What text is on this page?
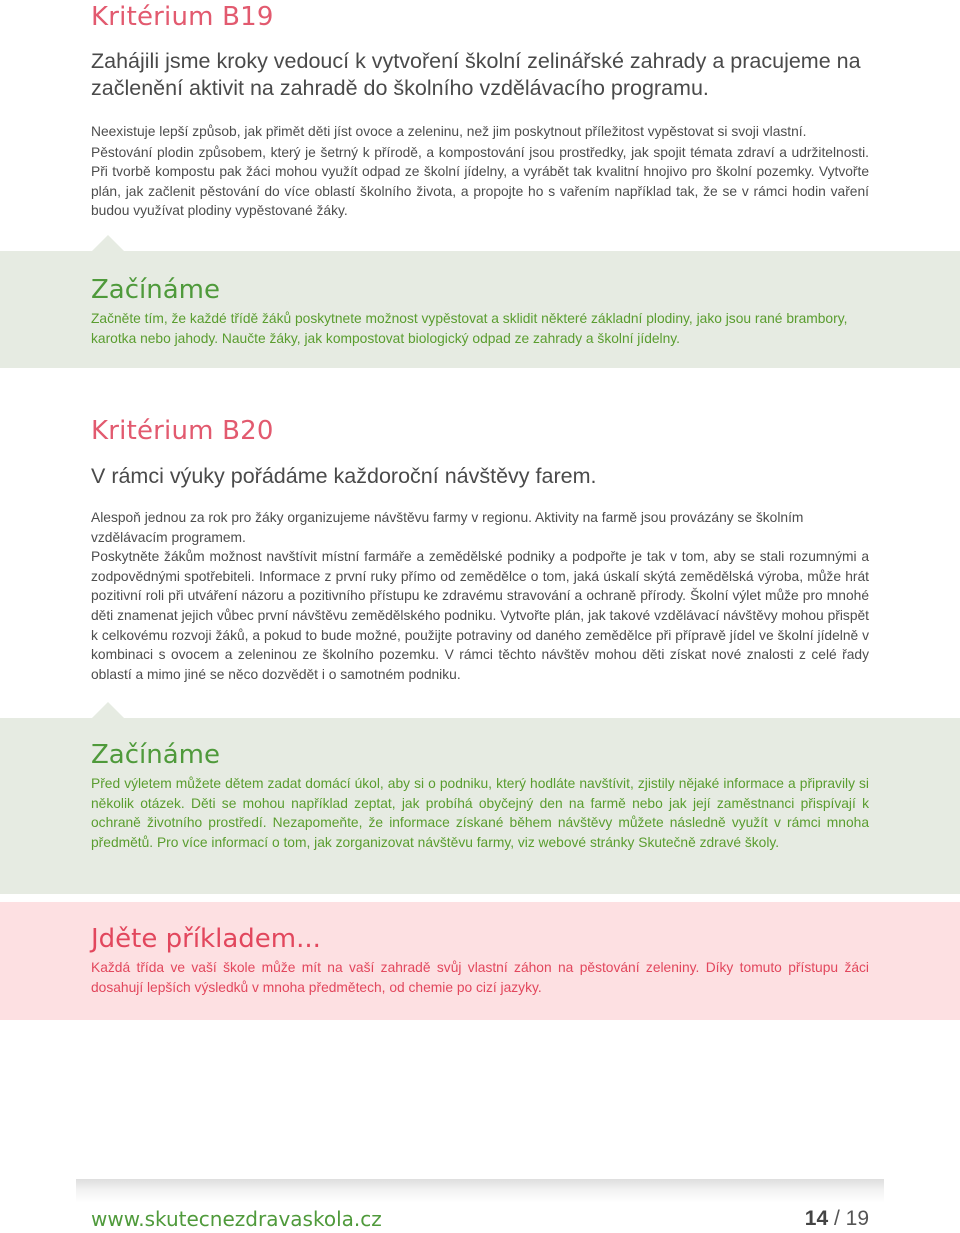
Kritérium B19

Zahájili jsme kroky vedoucí k vytvoření školní zelinářské zahrady a pracujeme na začlenění aktivit na zahradě do školního vzdělávacího programu.

Neexistuje lepší způsob, jak přimět děti jíst ovoce a zeleninu, než jim poskytnout příležitost vypěstovat si svoji vlastní.

Pěstování plodin způsobem, který je šetrný k přírodě, a kompostování jsou prostředky, jak spojit témata zdraví a udržitelnosti. Při tvorbě kompostu pak žáci mohou využít odpad ze školní jídelny, a vyrábět tak kvalitní hnojivo pro školní pozemky. Vytvořte plán, jak začlenit pěstování do více oblastí školního života, a propojte ho s vařením například tak, že se v rámci hodin vaření budou využívat plodiny vypěstované žáky.

Začínáme

Začněte tím, že každé třídě žáků poskytnete možnost vypěstovat a sklidit některé základní plodiny, jako jsou rané brambory, karotka nebo jahody. Naučte žáky, jak kompostovat biologický odpad ze zahrady a školní jídelny.

Kritérium B20

V rámci výuky pořádáme každoroční návštěvy farem.

Alespoň jednou za rok pro žáky organizujeme návštěvu farmy v regionu. Aktivity na farmě jsou provázány se školním vzdělávacím programem.

Poskytněte žákům možnost navštívit místní farmáře a zemědělské podniky a podpořte je tak v tom, aby se stali rozumnými a zodpovědnými spotřebiteli. Informace z první ruky přímo od zemědělce o tom, jaká úskalí skýtá zemědělská výroba, může hrát pozitivní roli při utváření názoru a pozitivního přístupu ke zdravému stravování a ochraně přírody. Školní výlet může pro mnohé děti znamenat jejich vůbec první návštěvu zemědělského podniku. Vytvořte plán, jak takové vzdělávací návštěvy mohou přispět k celkovému rozvoji žáků, a pokud to bude možné, použijte potraviny od daného zemědělce při přípravě jídel ve školní jídelně v kombinaci s ovocem a zeleninou ze školního pozemku. V rámci těchto návštěv mohou děti získat nové znalosti z celé řady oblastí a mimo jiné se něco dozvědět i o samotném podniku.

Začínáme

Před výletem můžete dětem zadat domácí úkol, aby si o podniku, který hodláte navštívit, zjistily nějaké informace a připravily si několik otázek. Děti se mohou například zeptat, jak probíhá obyčejný den na farmě nebo jak její zaměstnanci přispívají k ochraně životního prostředí. Nezapomeňte, že informace získané během návštěvy můžete následně využít v rámci mnoha předmětů. Pro více informací o tom, jak zorganizovat návštěvu farmy, viz webové stránky Skutečně zdravé školy.

Jděte příkladem...

Každá třída ve vaší škole může mít na vaší zahradě svůj vlastní záhon na pěstování zeleniny. Díky tomuto přístupu žáci dosahují lepších výsledků v mnoha předmětech, od chemie po cizí jazyky.

www.skutecnezdravaskola.cz	14 / 19
